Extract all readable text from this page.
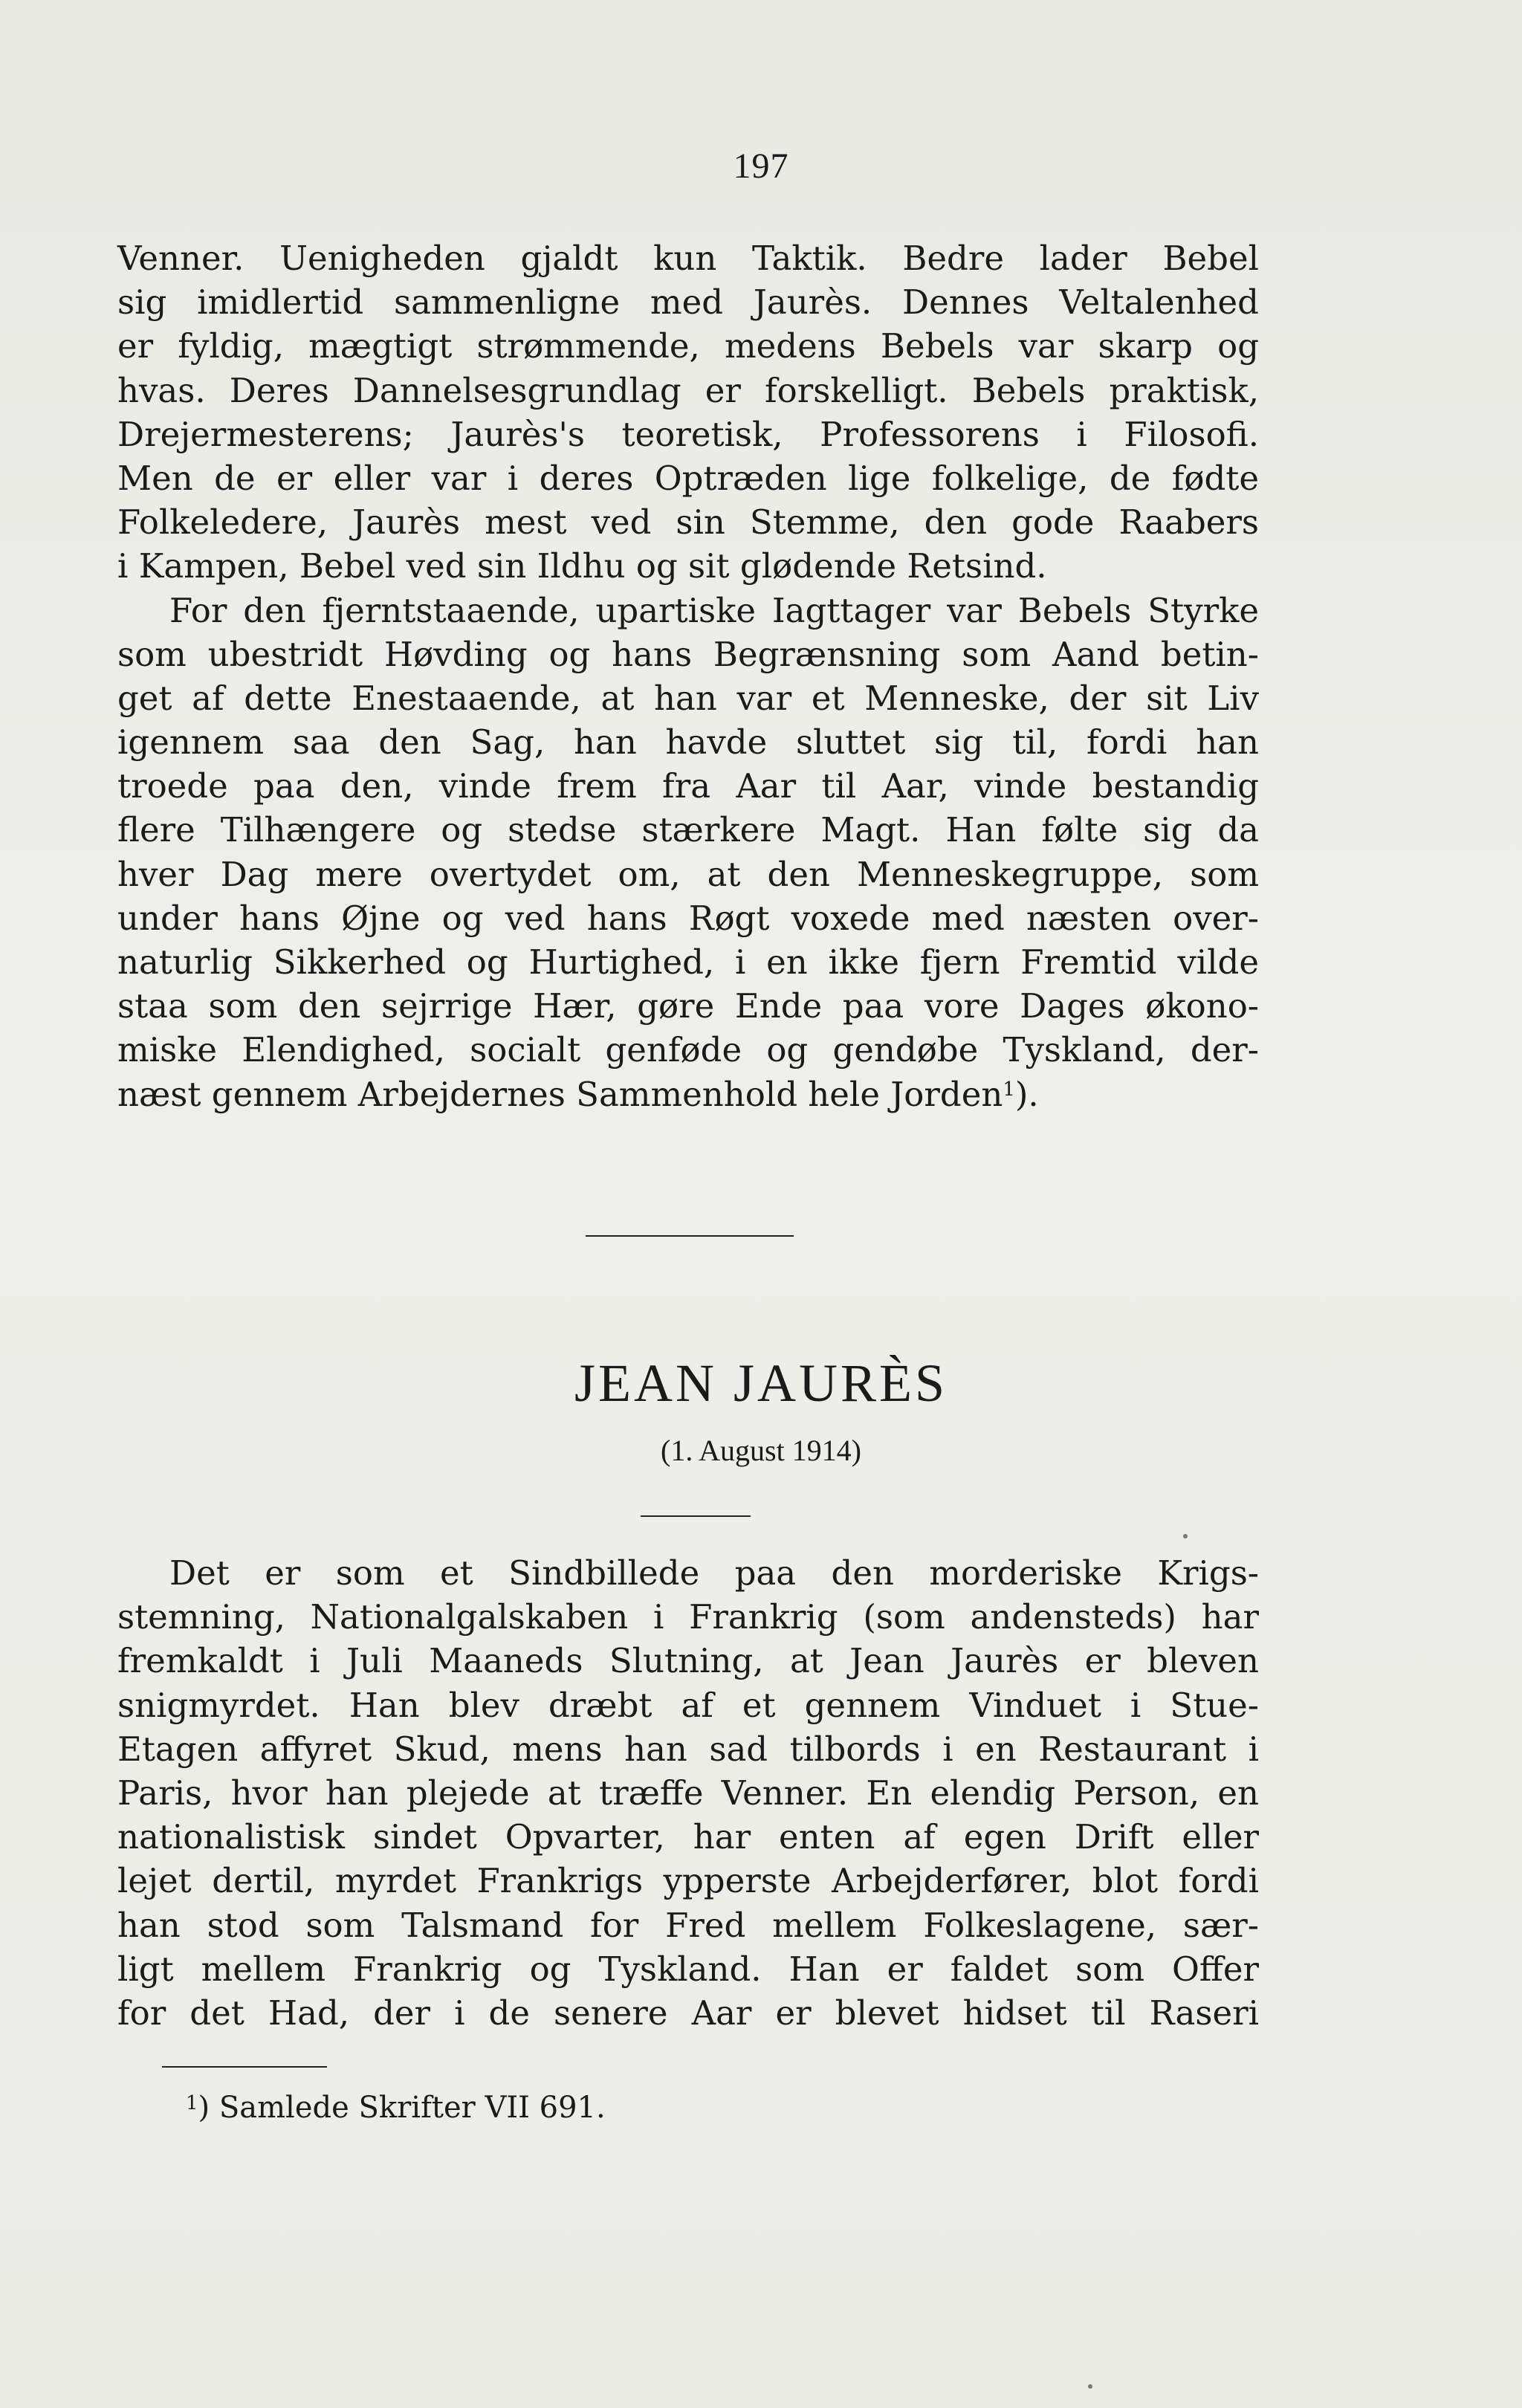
197
Venner. Uenigheden gjaldt kun Taktik. Bedre lader Bebel
sig imidlertid sammenligne med Jaurès. Dennes Veltalenhed
er fyldig, mægtigt strømmende, medens Bebels var skarp og
hvas. Deres Dannelsesgrundlag er forskelligt. Bebels praktisk,
Drejermesterens; Jaurès's teoretisk, Professorens i Filosofi.
Men de er eller var i deres Optræden lige folkelige, de fødte
Folkeledere, Jaurès mest ved sin Stemme, den gode Raabers
i Kampen, Bebel ved sin Ildhu og sit glødende Retsind.
For den fjerntstaaende, upartiske Iagttager var Bebels Styrke
som ubestridt Høvding og hans Begrænsning som Aand betin-
get af dette Enestaaende, at han var et Menneske, der sit Liv
igennem saa den Sag, han havde sluttet sig til, fordi han
troede paa den, vinde frem fra Aar til Aar, vinde bestandig
flere Tilhængere og stedse stærkere Magt. Han følte sig da
hver Dag mere overtydet om, at den Menneskegruppe, som
under hans Øjne og ved hans Røgt voxede med næsten over-
naturlig Sikkerhed og Hurtighed, i en ikke fjern Fremtid vilde
staa som den sejrrige Hær, gøre Ende paa vore Dages økono-
miske Elendighed, socialt genføde og gendøbe Tyskland, der-
næst gennem Arbejdernes Sammenhold hele Jorden$^1$).
JEAN JAURÈS
(1. August 1914)
Det er som et Sindbillede paa den morderiske Krigs-
stemning, Nationalgalskaben i Frankrig (som andensteds) har
fremkaldt i Juli Maaneds Slutning, at Jean Jaurès er bleven
snigmyrdet. Han blev dræbt af et gennem Vinduet i Stue-
Etagen affyret Skud, mens han sad tilbords i en Restaurant i
Paris, hvor han plejede at træffe Venner. En elendig Person, en
nationalistisk sindet Opvarter, har enten af egen Drift eller
lejet dertil, myrdet Frankrigs ypperste Arbejderfører, blot fordi
han stod som Talsmand for Fred mellem Folkeslagene, sær-
ligt mellem Frankrig og Tyskland. Han er faldet som Offer
for det Had, der i de senere Aar er blevet hidset til Raseri
$^1$) Samlede Skrifter VII 691.
